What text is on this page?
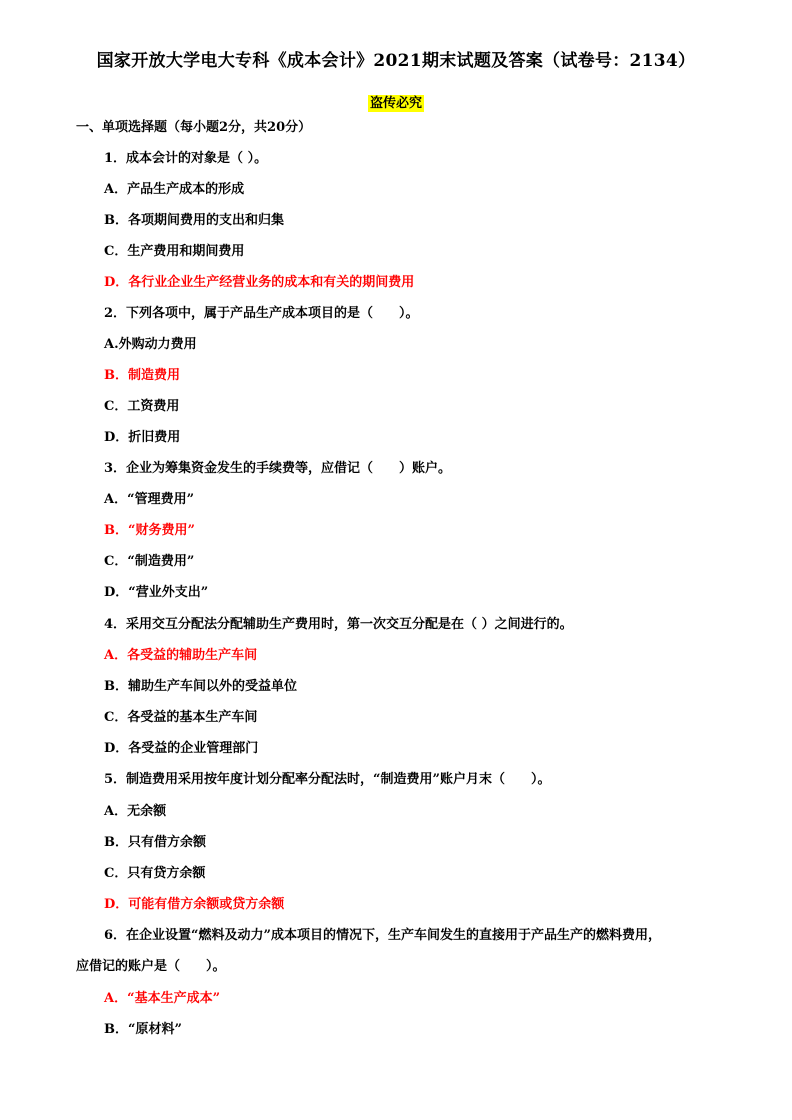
国家开放大学电大专科《成本会计》2021期末试题及答案（试卷号：2134）
盗传必究
一、单项选择题（每小题2分，共20分）
1．成本会计的对象是（ ）。
A．产品生产成本的形成
B．各项期间费用的支出和归集
C．生产费用和期间费用
D．各行业企业生产经营业务的成本和有关的期间费用
2．下列各项中，属于产品生产成本项目的是（　　）。
A.外购动力费用
B．制造费用
C．工资费用
D．折旧费用
3．企业为筹集资金发生的手续费等，应借记（　　）账户。
A．“管理费用”
B．“财务费用”
C．“制造费用”
D．“营业外支出”
4．采用交互分配法分配辅助生产费用时，第一次交互分配是在（ ）之间进行的。
A．各受益的辅助生产车间
B．辅助生产车间以外的受益单位
C．各受益的基本生产车间
D．各受益的企业管理部门
5．制造费用采用按年度计划分配率分配法时，“制造费用”账户月末（　　）。
A．无余额
B．只有借方余额
C．只有贷方余额
D．可能有借方余额或贷方余额
6．在企业设置“燃料及动力”成本项目的情况下，生产车间发生的直接用于产品生产的燃料费用，
应借记的账户是（　　）。
A．“基本生产成本”
B．“原材料”
